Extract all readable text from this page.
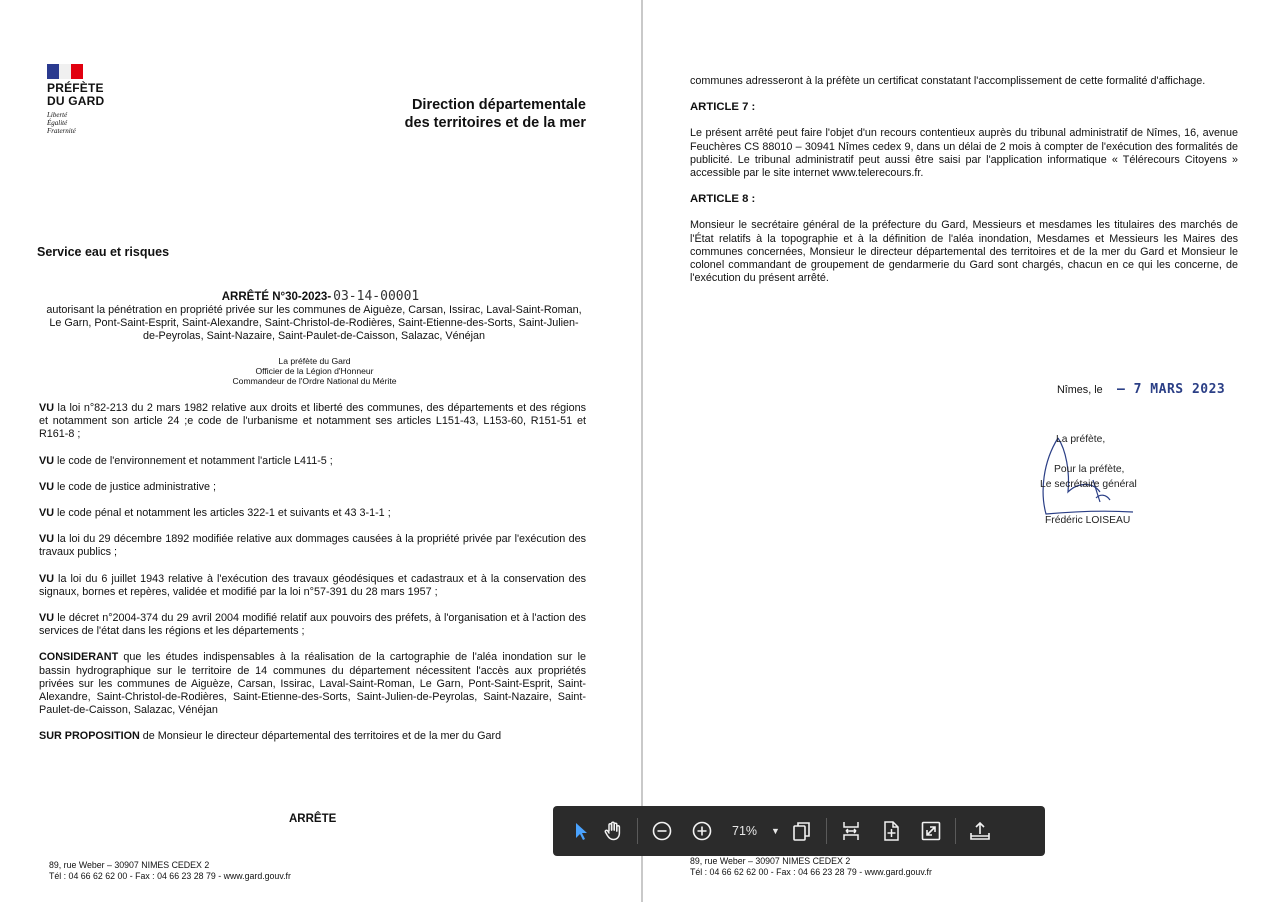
PRÉFÈTE
DU GARD
Liberté
Égalité
Fraternité
Direction départementale
des territoires et de la mer
Service eau et risques
ARRÊTÉ N°30-2023- 03-14-00001
autorisant la pénétration en propriété privée sur les communes de Aiguèze, Carsan, Issirac, Laval-Saint-Roman, Le Garn, Pont-Saint-Esprit, Saint-Alexandre, Saint-Christol-de-Rodières, Saint-Etienne-des-Sorts, Saint-Julien-de-Peyrolas, Saint-Nazaire, Saint-Paulet-de-Caisson, Salazac, Vénéjan
La préfète du Gard
Officier de la Légion d'Honneur
Commandeur de l'Ordre National du Mérite

VU la loi n°82-213 du 2 mars 1982 relative aux droits et liberté des communes, des départements et des régions et notamment son article 24 ;e code de l'urbanisme et notamment ses articles L151-43, L153-60, R151-51 et R161-8 ;

VU le code de l'environnement et notamment l'article L411-5 ;

VU le code de justice administrative ;

VU le code pénal et notamment les articles 322-1 et suivants et 43 3-1-1 ;

VU la loi du 29 décembre 1892 modifiée relative aux dommages causées à la propriété privée par l'exécution des travaux publics ;

VU la loi du 6 juillet 1943 relative à l'exécution des travaux géodésiques et cadastraux et à la conservation des signaux, bornes et repères, validée et modifié par la loi n°57-391 du 28 mars 1957 ;

VU le décret n°2004-374 du 29 avril 2004 modifié relatif aux pouvoirs des préfets, à l'organisation et à l'action des services de l'état dans les régions et les départements ;

CONSIDERANT que les études indispensables à la réalisation de la cartographie de l'aléa inondation sur le bassin hydrographique sur le territoire de 14 communes du département nécessitent l'accès aux propriétés privées sur les communes de Aiguèze, Carsan, Issirac, Laval-Saint-Roman, Le Garn, Pont-Saint-Esprit, Saint-Alexandre, Saint-Christol-de-Rodières, Saint-Etienne-des-Sorts, Saint-Julien-de-Peyrolas, Saint-Nazaire, Saint-Paulet-de-Caisson, Salazac, Vénéjan

SUR PROPOSITION de Monsieur le directeur départemental des territoires et de la mer du Gard

ARRÊTE
89, rue Weber – 30907 NIMES CEDEX 2
Tél : 04 66 62 62 00 - Fax : 04 66 23 28 79 - www.gard.gouv.fr

communes adresseront à la préfète un certificat constatant l'accomplissement de cette formalité d'affichage.

ARTICLE 7 :

Le présent arrêté peut faire l'objet d'un recours contentieux auprès du tribunal administratif de Nîmes, 16, avenue Feuchères CS 88010 – 30941 Nîmes cedex 9, dans un délai de 2 mois à compter de l'exécution des formalités de publicité. Le tribunal administratif peut aussi être saisi par l'application informatique « Télérecours Citoyens » accessible par le site internet www.telerecours.fr.

ARTICLE 8 :

Monsieur le secrétaire général de la préfecture du Gard, Messieurs et mesdames les titulaires des marchés de l'État relatifs à la topographie et à la définition de l'aléa inondation, Mesdames et Messieurs les Maires des communes concernées, Monsieur le directeur départemental des territoires et de la mer du Gard et Monsieur le colonel commandant de groupement de gendarmerie du Gard sont chargés, chacun en ce qui les concerne, de l'exécution du présent arrêté.

Nîmes, le – 7 MARS 2023
La préfète,
Pour la préfète,
Le secrétaire général
Frédéric LOISEAU
89, rue Weber – 30907 NIMES CEDEX 2
Tél : 04 66 62 62 00 - Fax : 04 66 23 28 79 - www.gard.gouv.fr
71% ▼
